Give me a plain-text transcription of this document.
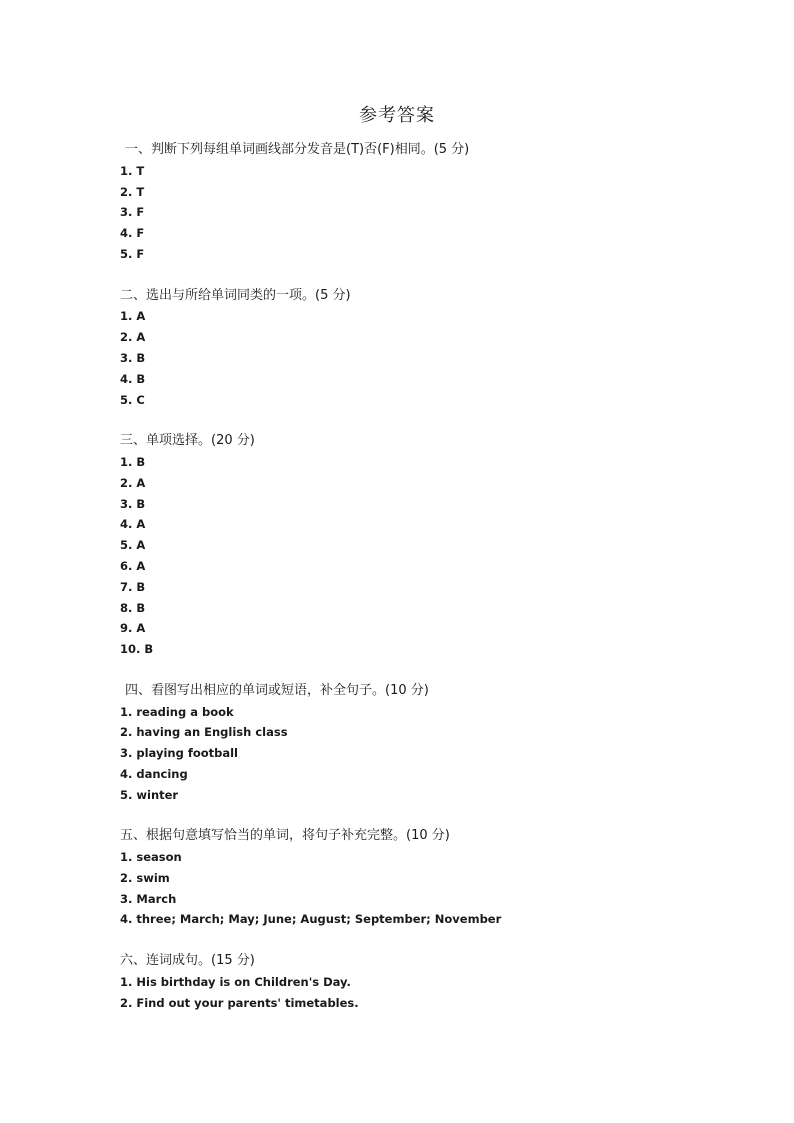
参考答案
一、判断下列每组单词画线部分发音是(T)否(F)相同。(5 分)
1. T
2. T
3. F
4. F
5. F
二、选出与所给单词同类的一项。(5 分)
1. A
2. A
3. B
4. B
5. C
三、单项选择。(20 分)
1. B
2. A
3. B
4. A
5. A
6. A
7. B
8. B
9. A
10. B
四、看图写出相应的单词或短语，补全句子。(10 分)
1. reading a book
2. having an English class
3. playing football
4. dancing
5. winter
五、根据句意填写恰当的单词，将句子补充完整。(10 分)
1. season
2. swim
3. March
4. three; March; May; June; August; September; November
六、连词成句。(15 分)
1. His birthday is on Children's Day.
2. Find out your parents' timetables.
